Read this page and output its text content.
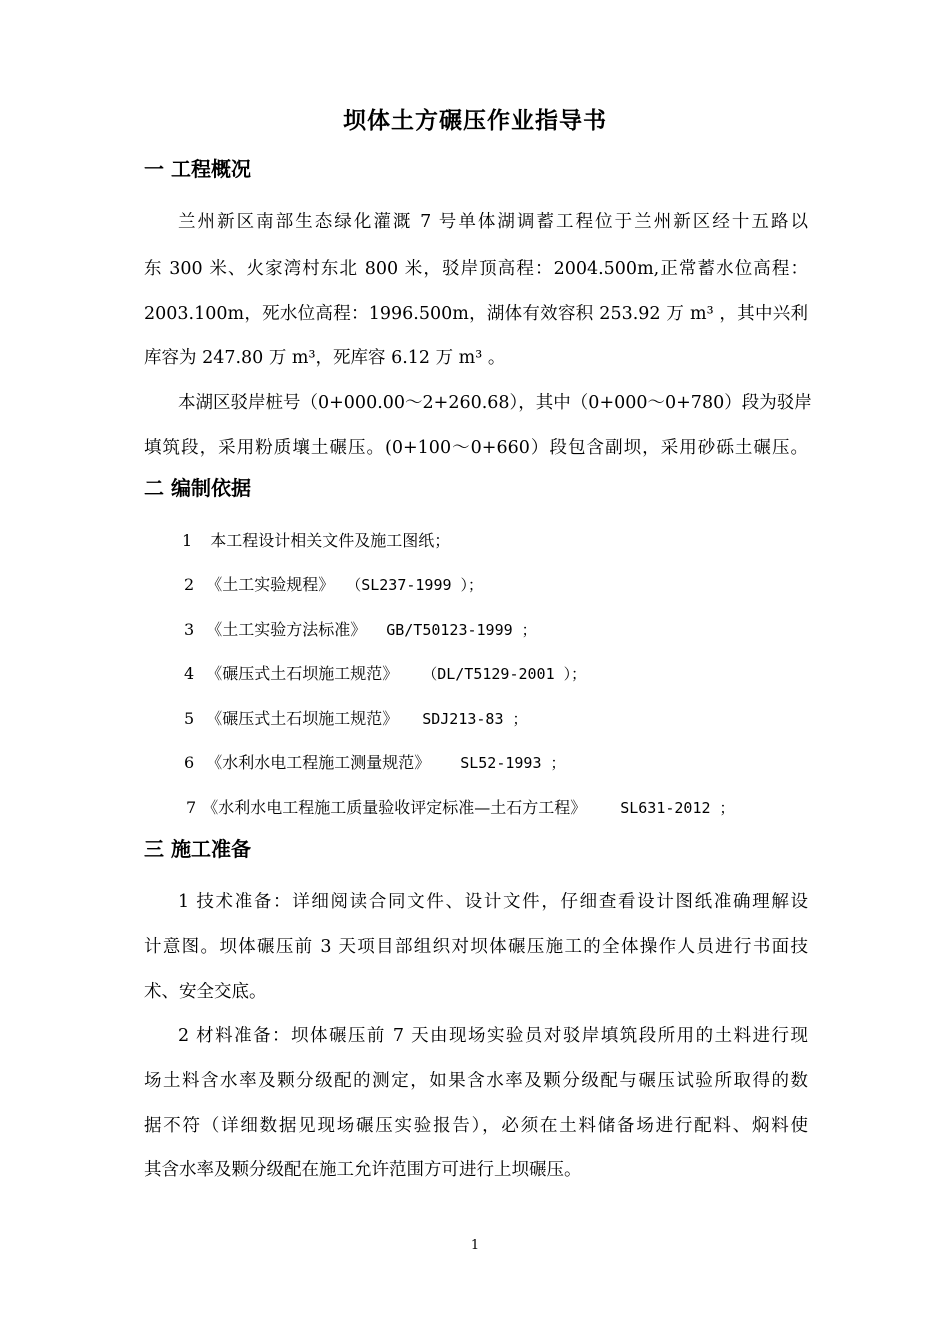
坝体土方碾压作业指导书
一 工程概况
兰州新区南部生态绿化灌溉 7 号单体湖调蓄工程位于兰州新区经十五路以
东 300 米、火家湾村东北 800 米，驳岸顶高程：2004.500m,正常蓄水位高程：
2003.100m，死水位高程：1996.500m，湖体有效容积 253.92 万 m³ ，其中兴利
库容为 247.80 万 m³，死库容 6.12 万 m³ 。
本湖区驳岸桩号（0+000.00～2+260.68），其中（0+000～0+780）段为驳岸
填筑段，采用粉质壤土碾压。(0+100～0+660）段包含副坝，采用砂砾土碾压。
二 编制依据
1 本工程设计相关文件及施工图纸；
2 《土工实验规程》 （SL237-1999 ）；
3 《土工实验方法标准》 GB/T50123-1999 ；
4 《碾压式土石坝施工规范》 （DL/T5129-2001 ）；
5 《碾压式土石坝施工规范》 SDJ213-83 ；
6 《水利水电工程施工测量规范》 SL52-1993 ；
7 《水利水电工程施工质量验收评定标准—土石方工程》 SL631-2012 ；
三 施工准备
1 技术准备：详细阅读合同文件、设计文件，仔细查看设计图纸准确理解设
计意图。坝体碾压前 3 天项目部组织对坝体碾压施工的全体操作人员进行书面技
术、安全交底。
2 材料准备：坝体碾压前 7 天由现场实验员对驳岸填筑段所用的土料进行现
场土料含水率及颗分级配的测定，如果含水率及颗分级配与碾压试验所取得的数
据不符（详细数据见现场碾压实验报告），必须在土料储备场进行配料、焖料使
其含水率及颗分级配在施工允许范围方可进行上坝碾压。
1
